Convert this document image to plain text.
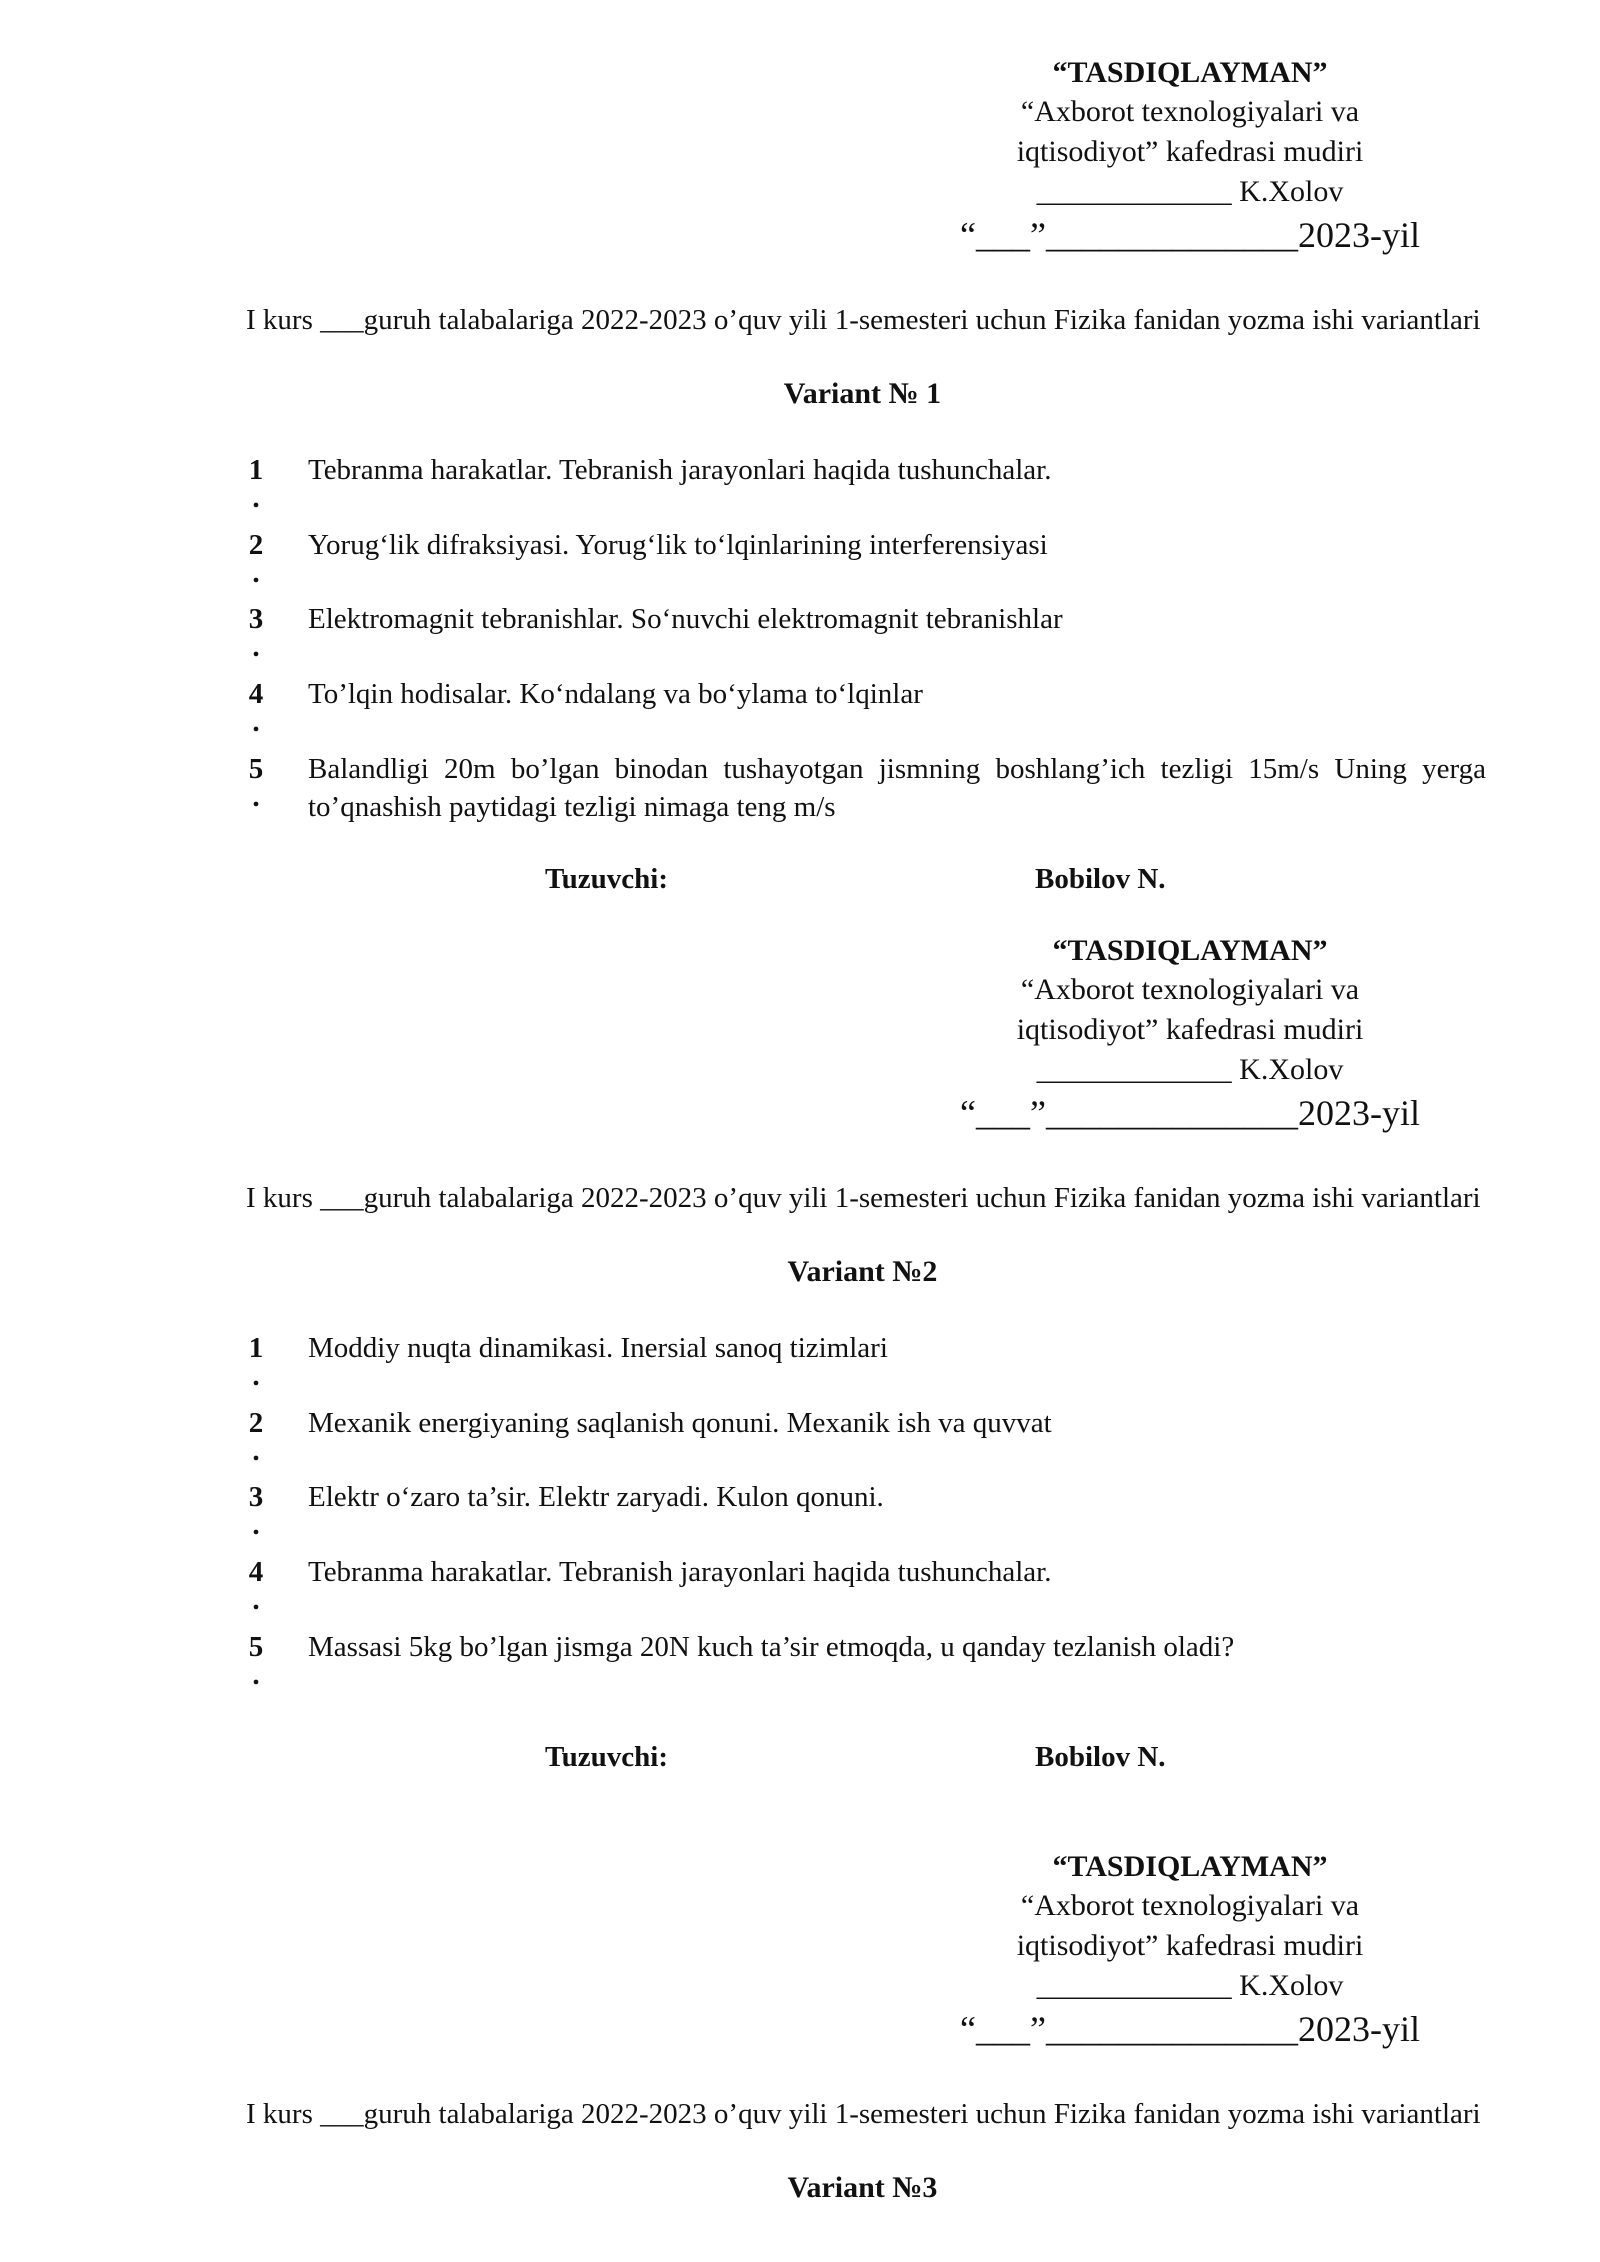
“TASDIQLAYMAN”
“Axborot texnologiyalari va
iqtisodiyot” kafedrasi mudiri
_____________ K.Xolov
“___”______________2023-yil
I kurs ___guruh talabalariga 2022-2023 o’quv yili 1-semesteri uchun Fizika fanidan yozma ishi variantlari
Variant № 1
1
.
Tebranma harakatlar. Tebranish jarayonlari haqida tushunchalar.
2
.
Yorug‘lik difraksiyasi. Yorug‘lik to‘lqinlarining interferensiyasi
3
.
Elektromagnit tebranishlar. So‘nuvchi elektromagnit tebranishlar
4
.
To’lqin hodisalar. Ko‘ndalang va bo‘ylama to‘lqinlar
5
.
Balandligi 20m bo’lgan binodan tushayotgan jismning boshlang’ich tezligi 15m/s Uning yerga to’qnashish paytidagi tezligi nimaga teng m/s
Tuzuvchi:	Bobilov N.
“TASDIQLAYMAN”
“Axborot texnologiyalari va
iqtisodiyot” kafedrasi mudiri
_____________ K.Xolov
“___”______________2023-yil
I kurs ___guruh talabalariga 2022-2023 o’quv yili 1-semesteri uchun Fizika fanidan yozma ishi variantlari
Variant №2
1
.
Moddiy nuqta dinamikasi. Inersial sanoq tizimlari
2
.
Mexanik energiyaning saqlanish qonuni. Mexanik ish va quvvat
3
.
Elektr o‘zaro ta’sir. Elektr zaryadi. Kulon qonuni.
4
.
Tebranma harakatlar. Tebranish jarayonlari haqida tushunchalar.
5
.
Massasi 5kg bo’lgan jismga 20N kuch ta’sir etmoqda, u qanday tezlanish oladi?
Tuzuvchi:	Bobilov N.
“TASDIQLAYMAN”
“Axborot texnologiyalari va
iqtisodiyot” kafedrasi mudiri
_____________ K.Xolov
“___”______________2023-yil
I kurs ___guruh talabalariga 2022-2023 o’quv yili 1-semesteri uchun Fizika fanidan yozma ishi variantlari
Variant №3
